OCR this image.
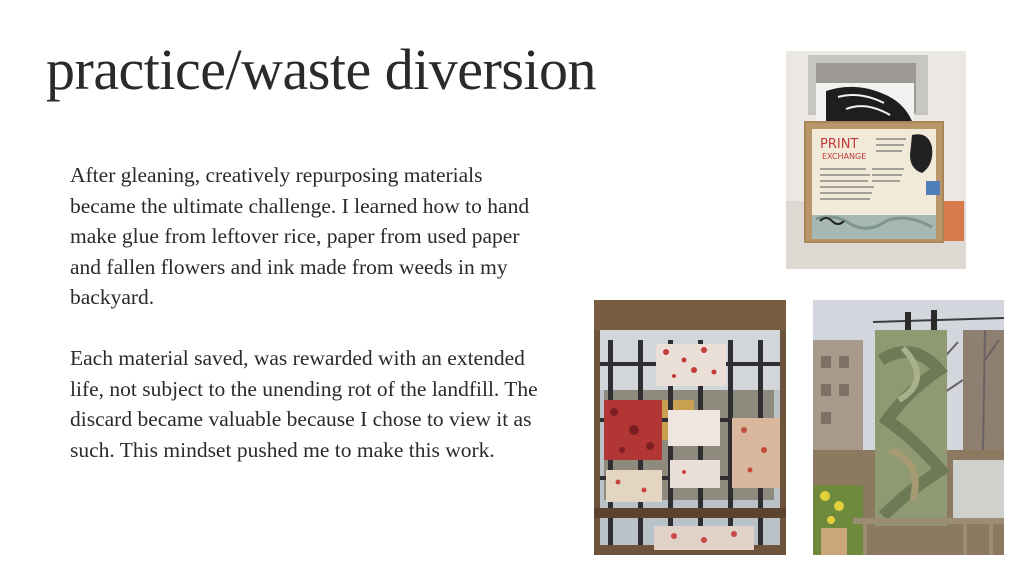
practice/waste diversion

After gleaning, creatively repurposing materials became the ultimate challenge. I learned how to hand make glue from leftover rice, paper from used paper and fallen flowers and ink made from weeds in my backyard.

Each material saved, was rewarded with an extended life, not subject to the unending rot of the landfill. The discard became valuable because I chose to view it as such. This mindset pushed me to make this work.

PRINT
EXCHANGE
